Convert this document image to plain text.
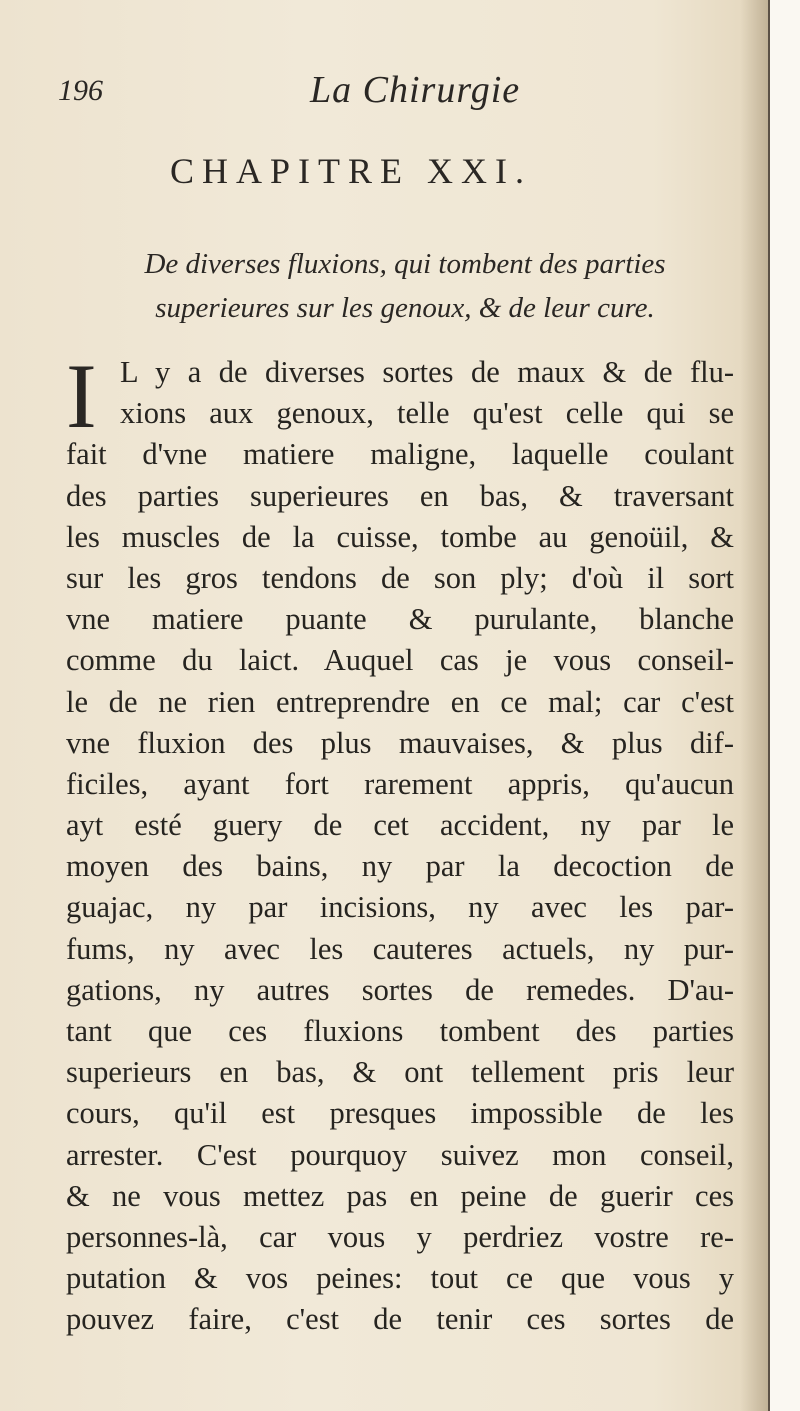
196	La Chirurgie
CHAPITRE XXI.
De diverses fluxions, qui tombent des parties
superieures sur les genoux, & de leur cure.
I L y a de diverses sortes de maux & de flu-
xions aux genoux, telle qu'est celle qui se
fait d'vne matiere maligne, laquelle coulant
des parties superieures en bas, & traversant
les muscles de la cuisse, tombe au genoüil, &
sur les gros tendons de son ply; d'où il sort
vne matiere puante & purulante, blanche
comme du laict. Auquel cas je vous conseil-
le de ne rien entreprendre en ce mal; car c'est
vne fluxion des plus mauvaises, & plus dif-
ficiles, ayant fort rarement appris, qu'aucun
ayt esté guery de cet accident, ny par le
moyen des bains, ny par la decoction de
guajac, ny par incisions, ny avec les par-
fums, ny avec les cauteres actuels, ny pur-
gations, ny autres sortes de remedes. D'au-
tant que ces fluxions tombent des parties
superieurs en bas, & ont tellement pris leur
cours, qu'il est presques impossible de les
arrester. C'est pourquoy suivez mon conseil,
& ne vous mettez pas en peine de guerir ces
personnes-là, car vous y perdriez vostre re-
putation & vos peines: tout ce que vous y
pouvez faire, c'est de tenir ces sortes de
